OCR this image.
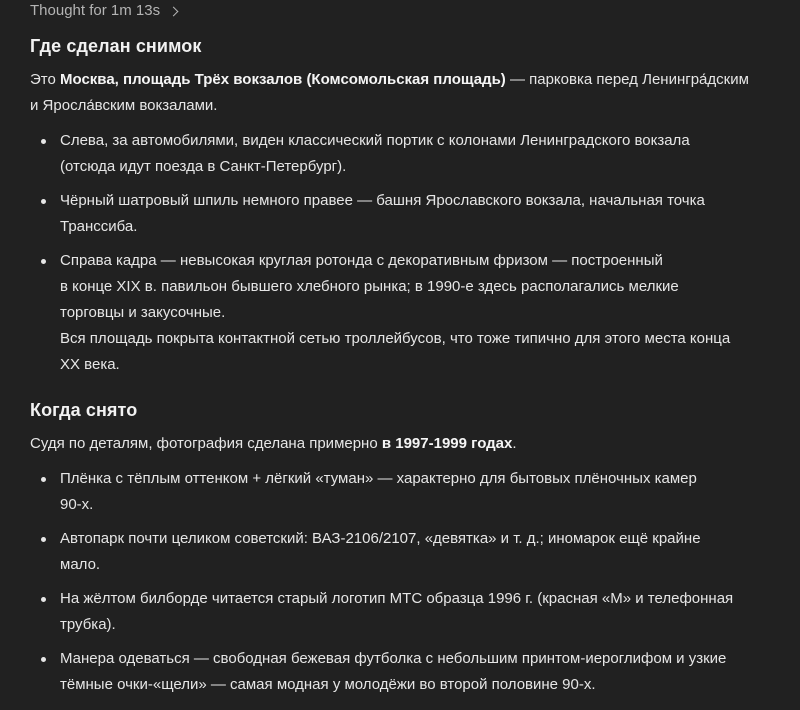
Thought for 1m 13s
Где сделан снимок

Это Москва, площадь Трёх вокзалов (Комсомольская площадь) — парковка перед Ленингра́дским
и Яросла́вским вокзалами.

Слева, за автомобилями, виден классический портик с колонами Ленинградского вокзала
(отсюда идут поезда в Санкт-Петербург).
Чёрный шатровый шпиль немного правее — башня Ярославского вокзала, начальная точка
Транссиба.
Справа кадра — невысокая круглая ротонда с декоративным фризом — построенный
в конце XIX в. павильон бывшего хлебного рынка; в 1990-е здесь располагались мелкие
торговцы и закусочные.
Вся площадь покрыта контактной сетью троллейбусов, что тоже типично для этого места конца
XX века.
Когда снято

Судя по деталям, фотография сделана примерно в 1997-1999 годах.

Плёнка с тёплым оттенком + лёгкий «туман» — характерно для бытовых плёночных камер
90-х.
Автопарк почти целиком советский: ВАЗ-2106/2107, «девятка» и т. д.; иномарок ещё крайне
мало.
На жёлтом билборде читается старый логотип МТС образца 1996 г. (красная «М» и телефонная
трубка).
Манера одеваться — свободная бежевая футболка с небольшим принтом-иероглифом и узкие
тёмные очки-«щели» — самая модная у молодёжи во второй половине 90-х.
